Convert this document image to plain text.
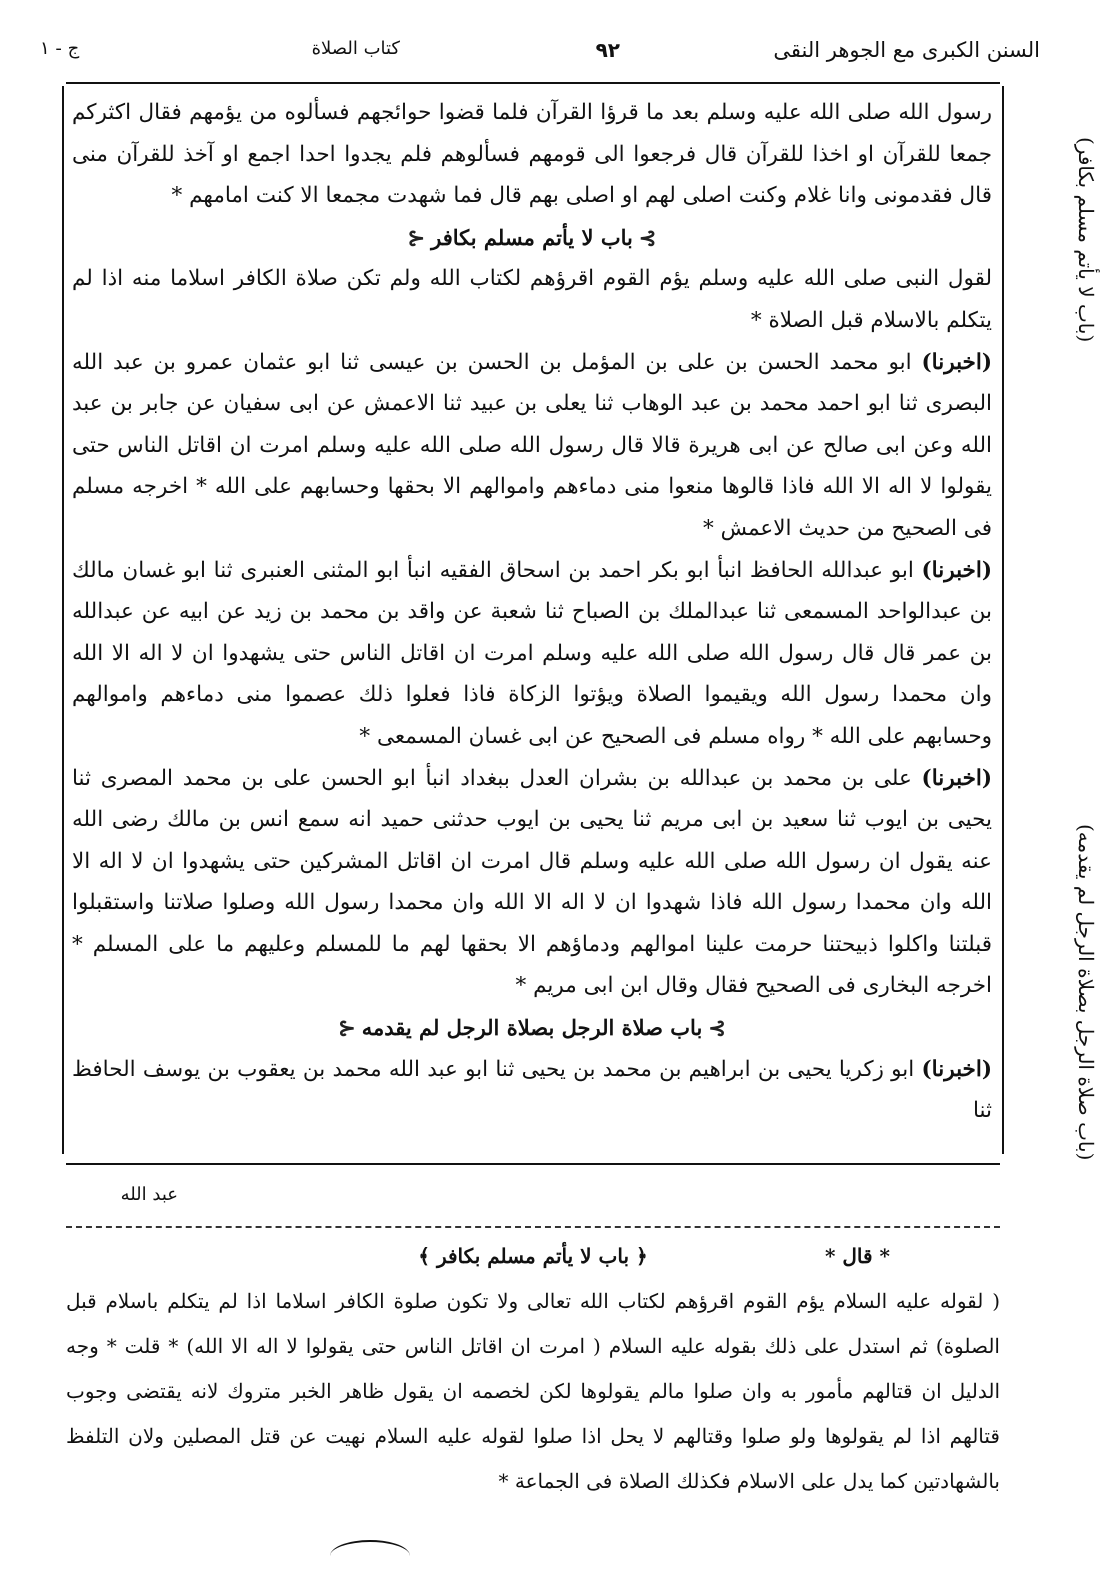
السنن الكبرى مع الجوهر النقى
٩٢
كتاب الصلاة
ج - ١
(باب لا يأتم مسلم بكافر)
(باب صلاة الرجل بصلاة الرجل لم يقدمه)

رسول الله صلى الله عليه وسلم بعد ما قرؤا القرآن فلما قضوا حوائجهم فسألوه من يؤمهم فقال اكثركم جمعا للقرآن او اخذا للقرآن قال فرجعوا الى قومهم فسألوهم فلم يجدوا احدا اجمع او آخذ للقرآن منى قال فقدمونى وانا غلام وكنت اصلى لهم او اصلى بهم قال فما شهدت مجمعا الا كنت امامهم *

⊱باب لا يأتم مسلم بكافر⊰

لقول النبى صلى الله عليه وسلم يؤم القوم اقرؤهم لكتاب الله ولم تكن صلاة الكافر اسلاما منه اذا لم يتكلم بالاسلام قبل الصلاة *

(اخبرنا) ابو محمد الحسن بن على بن المؤمل بن الحسن بن عيسى ثنا ابو عثمان عمرو بن عبد الله البصرى ثنا ابو احمد محمد بن عبد الوهاب ثنا يعلى بن عبيد ثنا الاعمش عن ابى سفيان عن جابر بن عبد الله وعن ابى صالح عن ابى هريرة قالا قال رسول الله صلى الله عليه وسلم امرت ان اقاتل الناس حتى يقولوا لا اله الا الله فاذا قالوها منعوا منى دماءهم واموالهم الا بحقها وحسابهم على الله * اخرجه مسلم فى الصحيح من حديث الاعمش *

(اخبرنا) ابو عبدالله الحافظ انبأ ابو بكر احمد بن اسحاق الفقيه انبأ ابو المثنى العنبرى ثنا ابو غسان مالك بن عبدالواحد المسمعى ثنا عبدالملك بن الصباح ثنا شعبة عن واقد بن محمد بن زيد عن ابيه عن عبدالله بن عمر قال قال رسول الله صلى الله عليه وسلم امرت ان اقاتل الناس حتى يشهدوا ان لا اله الا الله وان محمدا رسول الله ويقيموا الصلاة ويؤتوا الزكاة فاذا فعلوا ذلك عصموا منى دماءهم واموالهم وحسابهم على الله * رواه مسلم فى الصحيح عن ابى غسان المسمعى *

(اخبرنا) على بن محمد بن عبدالله بن بشران العدل ببغداد انبأ ابو الحسن على بن محمد المصرى ثنا يحيى بن ايوب ثنا سعيد بن ابى مريم ثنا يحيى بن ايوب حدثنى حميد انه سمع انس بن مالك رضى الله عنه يقول ان رسول الله صلى الله عليه وسلم قال امرت ان اقاتل المشركين حتى يشهدوا ان لا اله الا الله وان محمدا رسول الله فاذا شهدوا ان لا اله الا الله وان محمدا رسول الله وصلوا صلاتنا واستقبلوا قبلتنا واكلوا ذبيحتنا حرمت علينا اموالهم ودماؤهم الا بحقها لهم ما للمسلم وعليهم ما على المسلم * اخرجه البخارى فى الصحيح فقال وقال ابن ابى مريم *

⊱باب صلاة الرجل بصلاة الرجل لم يقدمه⊰

(اخبرنا) ابو زكريا يحيى بن ابراهيم بن محمد بن يحيى ثنا ابو عبد الله محمد بن يعقوب بن يوسف الحافظ ثنا

عبد الله

* قال *
﴿ باب لا يأتم مسلم بكافر ﴾

( لقوله عليه السلام يؤم القوم اقرؤهم لكتاب الله تعالى ولا تكون صلوة الكافر اسلاما اذا لم يتكلم باسلام قبل الصلوة) ثم استدل على ذلك بقوله عليه السلام ( امرت ان اقاتل الناس حتى يقولوا لا اله الا الله) * قلت * وجه الدليل ان قتالهم مأمور به وان صلوا مالم يقولوها لكن لخصمه ان يقول ظاهر الخبر متروك لانه يقتضى وجوب قتالهم اذا لم يقولوها ولو صلوا وقتالهم لا يحل اذا صلوا لقوله عليه السلام نهيت عن قتل المصلين ولان التلفظ بالشهادتين كما يدل على الاسلام فكذلك الصلاة فى الجماعة *
